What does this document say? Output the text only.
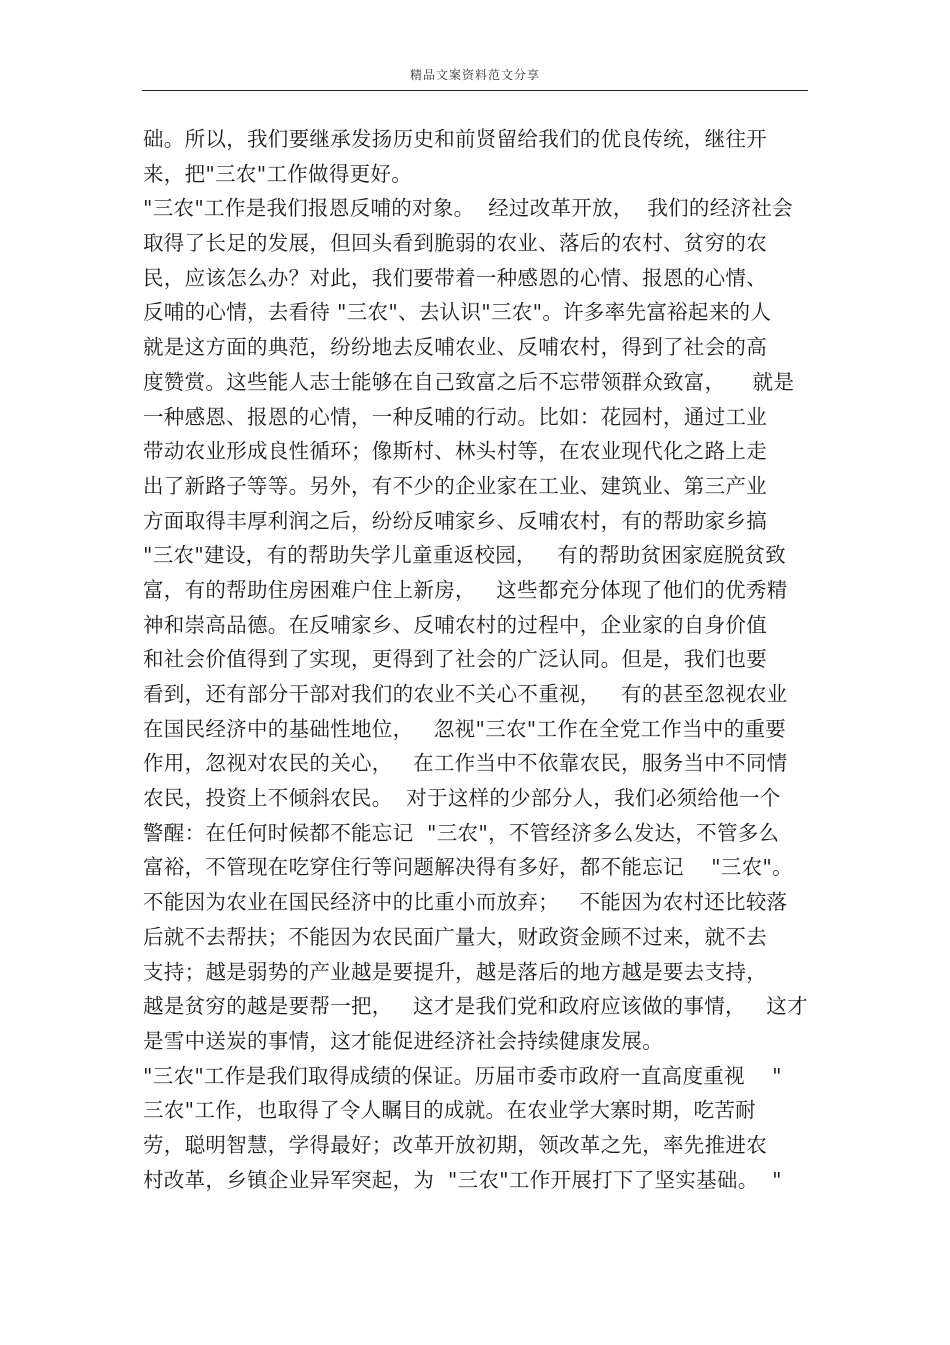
精品文案资料范文分享
础。所以，我们要继承发扬历史和前贤留给我们的优良传统，继往开
来，把"三农"工作做得更好。
"三农"工作是我们报恩反哺的对象。  经过改革开放，  我们的经济社会
取得了长足的发展，但回头看到脆弱的农业、落后的农村、贫穷的农
民，应该怎么办？对此，我们要带着一种感恩的心情、报恩的心情、
反哺的心情，去看待 "三农"、去认识"三农"。许多率先富裕起来的人
就是这方面的典范，纷纷地去反哺农业、反哺农村，得到了社会的高
度赞赏。这些能人志士能够在自己致富之后不忘带领群众致富，    就是
一种感恩、报恩的心情，一种反哺的行动。比如：花园村，通过工业
带动农业形成良性循环；像斯村、林头村等，在农业现代化之路上走
出了新路子等等。另外，有不少的企业家在工业、建筑业、第三产业
方面取得丰厚利润之后，纷纷反哺家乡、反哺农村，有的帮助家乡搞
"三农"建设，有的帮助失学儿童重返校园，   有的帮助贫困家庭脱贫致
富，有的帮助住房困难户住上新房，   这些都充分体现了他们的优秀精
神和崇高品德。在反哺家乡、反哺农村的过程中，企业家的自身价值
和社会价值得到了实现，更得到了社会的广泛认同。但是，我们也要
看到，还有部分干部对我们的农业不关心不重视，   有的甚至忽视农业
在国民经济中的基础性地位，   忽视"三农"工作在全党工作当中的重要
作用，忽视对农民的关心，   在工作当中不依靠农民，服务当中不同情
农民，投资上不倾斜农民。  对于这样的少部分人，我们必须给他一个
警醒：在任何时候都不能忘记  "三农"，不管经济多么发达，不管多么
富裕，不管现在吃穿住行等问题解决得有多好，都不能忘记    "三农"。
不能因为农业在国民经济中的比重小而放弃；   不能因为农村还比较落
后就不去帮扶；不能因为农民面广量大，财政资金顾不过来，就不去
支持；越是弱势的产业越是要提升，越是落后的地方越是要去支持，
越是贫穷的越是要帮一把，   这才是我们党和政府应该做的事情，   这才
是雪中送炭的事情，这才能促进经济社会持续健康发展。
"三农"工作是我们取得成绩的保证。历届市委市政府一直高度重视    "
三农"工作，也取得了令人瞩目的成就。在农业学大寨时期，吃苦耐
劳，聪明智慧，学得最好；改革开放初期，领改革之先，率先推进农
村改革，乡镇企业异军突起，为  "三农"工作开展打下了坚实基础。  "
